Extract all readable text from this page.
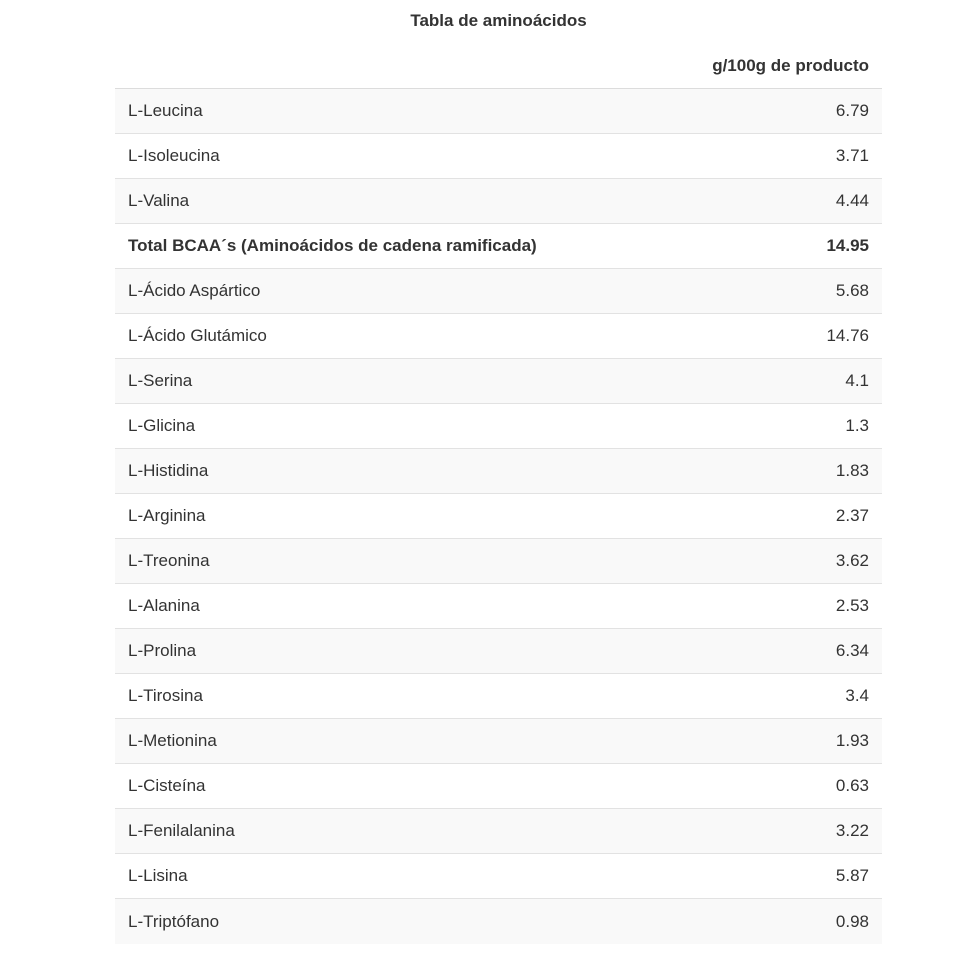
Tabla de aminoácidos
g/100g de producto
L-Leucina	6.79
L-Isoleucina	3.71
L-Valina	4.44
Total BCAA´s (Aminoácidos de cadena ramificada)	14.95
L-Ácido Aspártico	5.68
L-Ácido Glutámico	14.76
L-Serina	4.1
L-Glicina	1.3
L-Histidina	1.83
L-Arginina	2.37
L-Treonina	3.62
L-Alanina	2.53
L-Prolina	6.34
L-Tirosina	3.4
L-Metionina	1.93
L-Cisteína	0.63
L-Fenilalanina	3.22
L-Lisina	5.87
L-Triptófano	0.98
